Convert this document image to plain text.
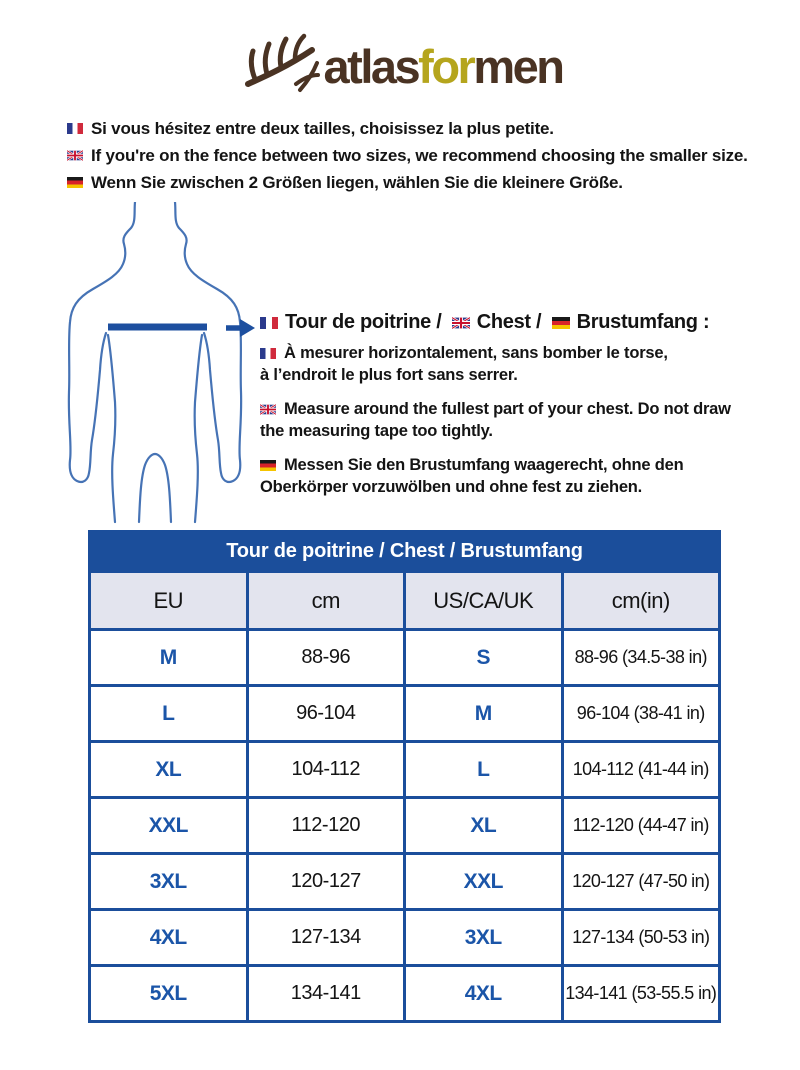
atlasformen
Si vous hésitez entre deux tailles, choisissez la plus petite.
If you're on the fence between two sizes, we recommend choosing the smaller size.
Wenn Sie zwischen 2 Größen liegen, wählen Sie die kleinere Größe.
Tour de poitrine / Chest / Brustumfang :

À mesurer horizontalement, sans bomber le torse,
à l’endroit le plus fort sans serrer.

Measure around the fullest part of your chest. Do not draw
the measuring tape too tightly.

Messen Sie den Brustumfang waagerecht, ohne den
Oberkörper vorzuwölben und ohne fest zu ziehen.

Tour de poitrine / Chest / Brustumfang			
EU	cm	US/CA/UK	cm(in)
M	88-96	S	88-96 (34.5-38 in)
L	96-104	M	96-104 (38-41 in)
XL	104-112	L	104-112 (41-44 in)
XXL	112-120	XL	112-120 (44-47 in)
3XL	120-127	XXL	120-127 (47-50 in)
4XL	127-134	3XL	127-134 (50-53 in)
5XL	134-141	4XL	134-141 (53-55.5 in)
